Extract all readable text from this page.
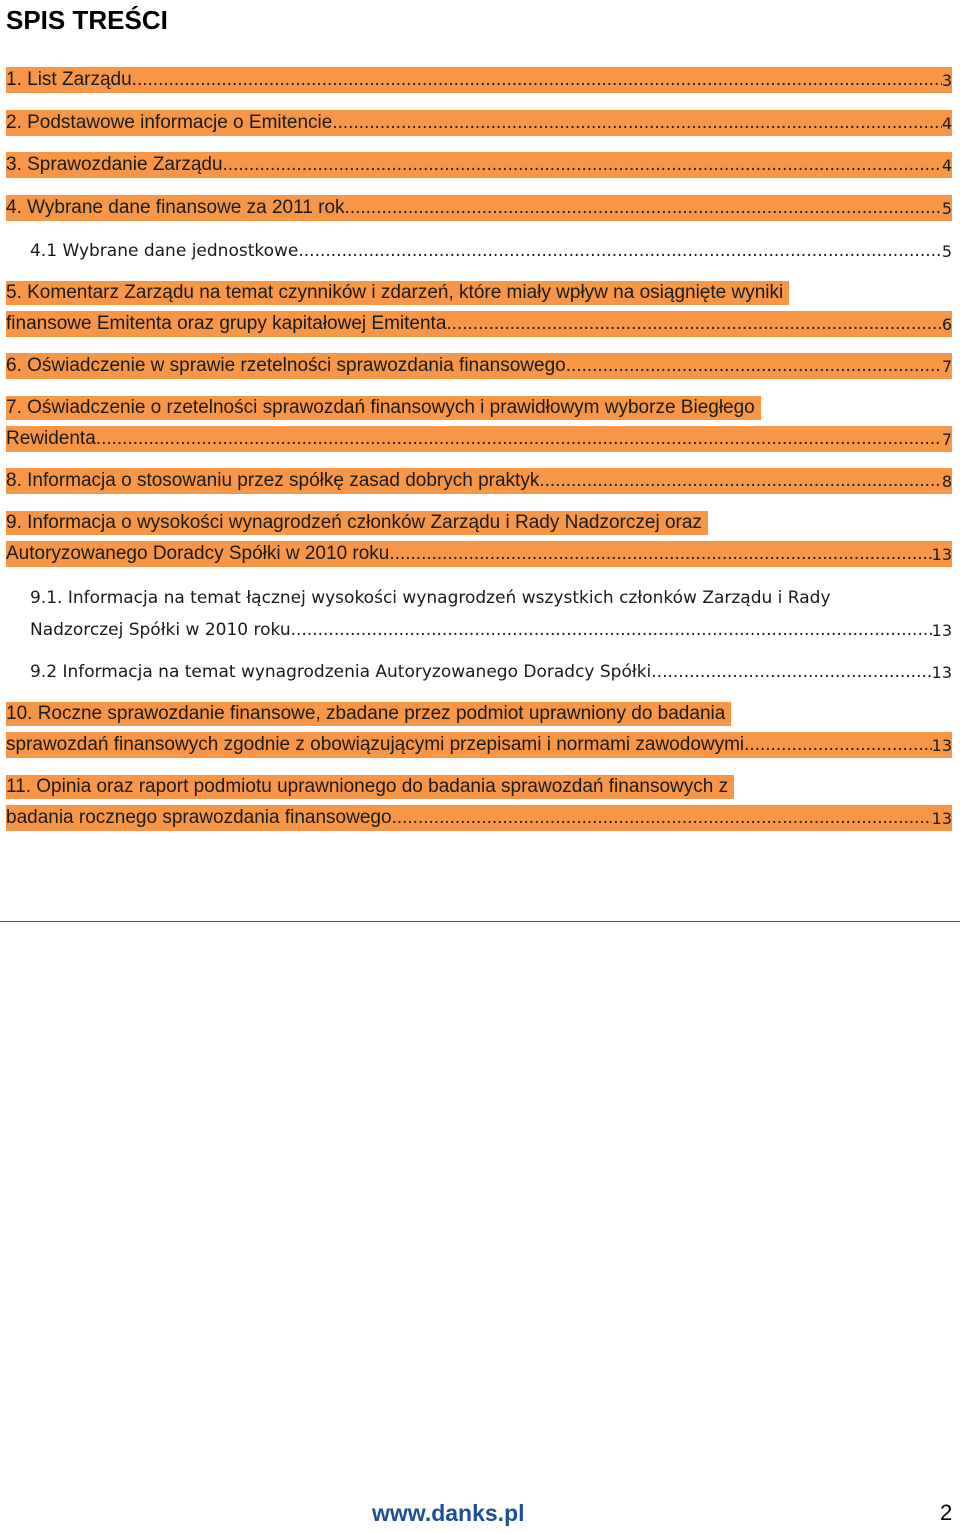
SPIS TREŚCI
1. List Zarządu. .....	3
2. Podstawowe informacje o Emitencie. .....	4
3. Sprawozdanie Zarządu. .....	4
4. Wybrane dane finansowe za 2011 rok. .....	5
4.1 Wybrane dane jednostkowe .....	5
5. Komentarz Zarządu na temat czynników i zdarzeń, które miały wpływ na osiągnięte wyniki
finansowe Emitenta oraz grupy kapitałowej Emitenta .....	6
6. Oświadczenie w sprawie rzetelności sprawozdania finansowego. .....	7
7. Oświadczenie o rzetelności sprawozdań finansowych i prawidłowym wyborze Biegłego
Rewidenta. .....	7
8. Informacja o stosowaniu przez spółkę zasad dobrych praktyk .....	8
9. Informacja o wysokości wynagrodzeń członków Zarządu i Rady Nadzorczej oraz
Autoryzowanego Doradcy Spółki w 2010 roku .....	13
9.1. Informacja na temat łącznej wysokości wynagrodzeń wszystkich członków Zarządu i Rady
Nadzorczej Spółki w 2010 roku .....	13
9.2 Informacja na temat wynagrodzenia Autoryzowanego Doradcy Spółki .....	13
10. Roczne sprawozdanie finansowe, zbadane przez podmiot uprawniony do badania
sprawozdań finansowych zgodnie z obowiązującymi przepisami i normami zawodowymi .....	13
11. Opinia oraz raport podmiotu uprawnionego do badania sprawozdań finansowych z
badania rocznego sprawozdania finansowego .....	13
www.danks.pl	2
